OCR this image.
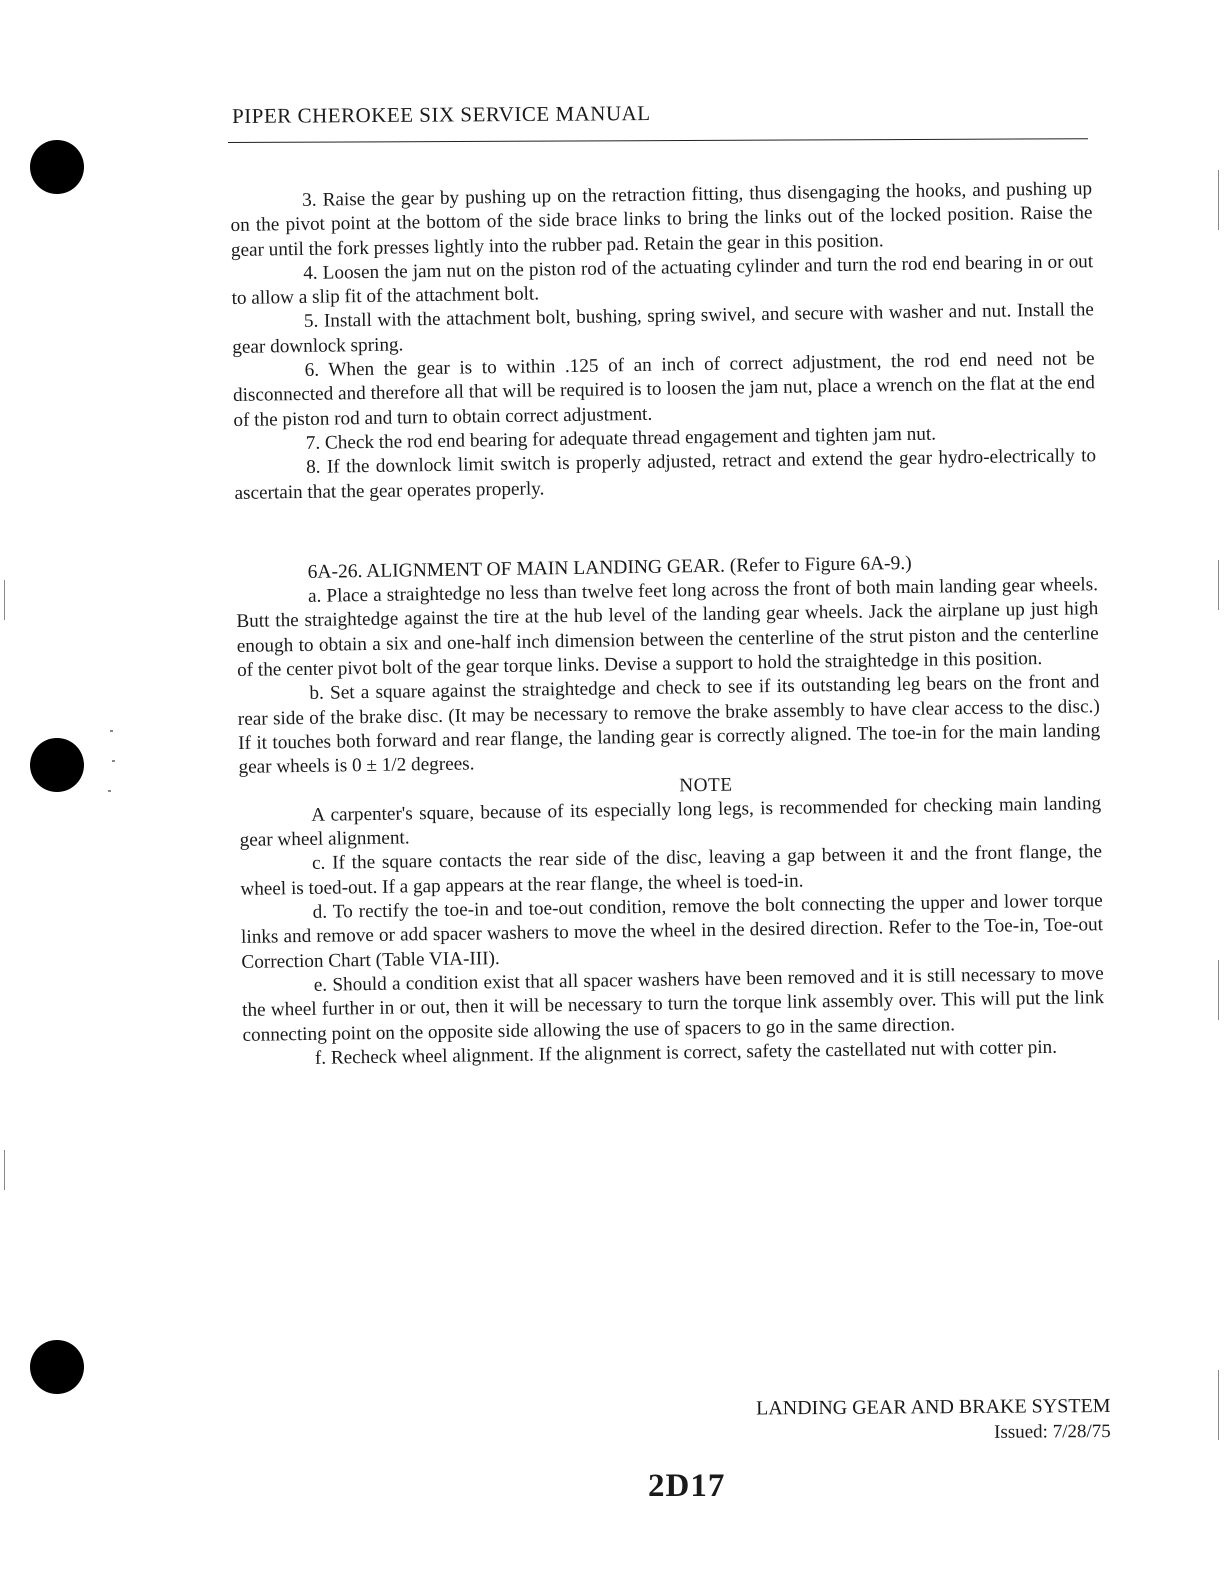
PIPER CHEROKEE SIX SERVICE MANUAL

3. Raise the gear by pushing up on the retraction fitting, thus disengaging the hooks, and pushing up on the pivot point at the bottom of the side brace links to bring the links out of the locked position. Raise the gear until the fork presses lightly into the rubber pad. Retain the gear in this position.

4. Loosen the jam nut on the piston rod of the actuating cylinder and turn the rod end bearing in or out to allow a slip fit of the attachment bolt.

5. Install with the attachment bolt, bushing, spring swivel, and secure with washer and nut. Install the gear downlock spring.

6. When the gear is to within .125 of an inch of correct adjustment, the rod end need not be disconnected and therefore all that will be required is to loosen the jam nut, place a wrench on the flat at the end of the piston rod and turn to obtain correct adjustment.

7. Check the rod end bearing for adequate thread engagement and tighten jam nut.

8. If the downlock limit switch is properly adjusted, retract and extend the gear hydro-electrically to ascertain that the gear operates properly.

6A-26. ALIGNMENT OF MAIN LANDING GEAR. (Refer to Figure 6A-9.)

a. Place a straightedge no less than twelve feet long across the front of both main landing gear wheels. Butt the straightedge against the tire at the hub level of the landing gear wheels. Jack the airplane up just high enough to obtain a six and one-half inch dimension between the centerline of the strut piston and the centerline of the center pivot bolt of the gear torque links. Devise a support to hold the straightedge in this position.

b. Set a square against the straightedge and check to see if its outstanding leg bears on the front and rear side of the brake disc. (It may be necessary to remove the brake assembly to have clear access to the disc.) If it touches both forward and rear flange, the landing gear is correctly aligned. The toe-in for the main landing gear wheels is 0 ± 1/2 degrees.

NOTE

A carpenter's square, because of its especially long legs, is recommended for checking main landing gear wheel alignment.

c. If the square contacts the rear side of the disc, leaving a gap between it and the front flange, the wheel is toed-out. If a gap appears at the rear flange, the wheel is toed-in.

d. To rectify the toe-in and toe-out condition, remove the bolt connecting the upper and lower torque links and remove or add spacer washers to move the wheel in the desired direction. Refer to the Toe-in, Toe-out Correction Chart (Table VIA-III).

e. Should a condition exist that all spacer washers have been removed and it is still necessary to move the wheel further in or out, then it will be necessary to turn the torque link assembly over. This will put the link connecting point on the opposite side allowing the use of spacers to go in the same direction.

f. Recheck wheel alignment. If the alignment is correct, safety the castellated nut with cotter pin.

LANDING GEAR AND BRAKE SYSTEM
Issued: 7/28/75
2D17
